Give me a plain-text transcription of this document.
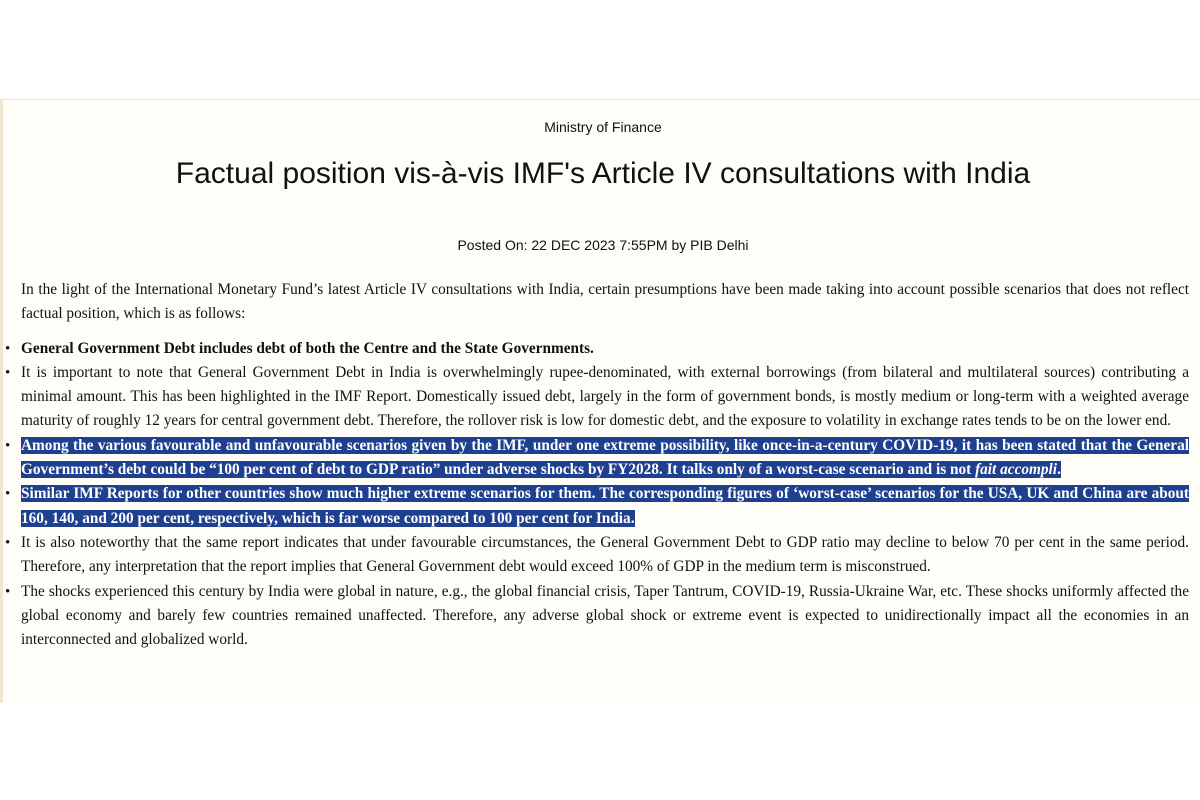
Ministry of Finance
Factual position vis-à-vis IMF's Article IV consultations with India
Posted On: 22 DEC 2023 7:55PM by PIB Delhi

In the light of the International Monetary Fund’s latest Article IV consultations with India, certain presumptions have been made taking into account possible scenarios that does not reflect factual position, which is as follows:

• General Government Debt includes debt of both the Centre and the State Governments.
• It is important to note that General Government Debt in India is overwhelmingly rupee-denominated, with external borrowings (from bilateral and multilateral sources) contributing a minimal amount. This has been highlighted in the IMF Report. Domestically issued debt, largely in the form of government bonds, is mostly medium or long-term with a weighted average maturity of roughly 12 years for central government debt. Therefore, the rollover risk is low for domestic debt, and the exposure to volatility in exchange rates tends to be on the lower end.
• Among the various favourable and unfavourable scenarios given by the IMF, under one extreme possibility, like once-in-a-century COVID-19, it has been stated that the General Government’s debt could be “100 per cent of debt to GDP ratio” under adverse shocks by FY2028. It talks only of a worst-case scenario and is not fait accompli.
• Similar IMF Reports for other countries show much higher extreme scenarios for them. The corresponding figures of ‘worst-case’ scenarios for the USA, UK and China are about 160, 140, and 200 per cent, respectively, which is far worse compared to 100 per cent for India.
• It is also noteworthy that the same report indicates that under favourable circumstances, the General Government Debt to GDP ratio may decline to below 70 per cent in the same period. Therefore, any interpretation that the report implies that General Government debt would exceed 100% of GDP in the medium term is misconstrued.
• The shocks experienced this century by India were global in nature, e.g., the global financial crisis, Taper Tantrum, COVID-19, Russia-Ukraine War, etc. These shocks uniformly affected the global economy and barely few countries remained unaffected. Therefore, any adverse global shock or extreme event is expected to unidirectionally impact all the economies in an interconnected and globalized world.
